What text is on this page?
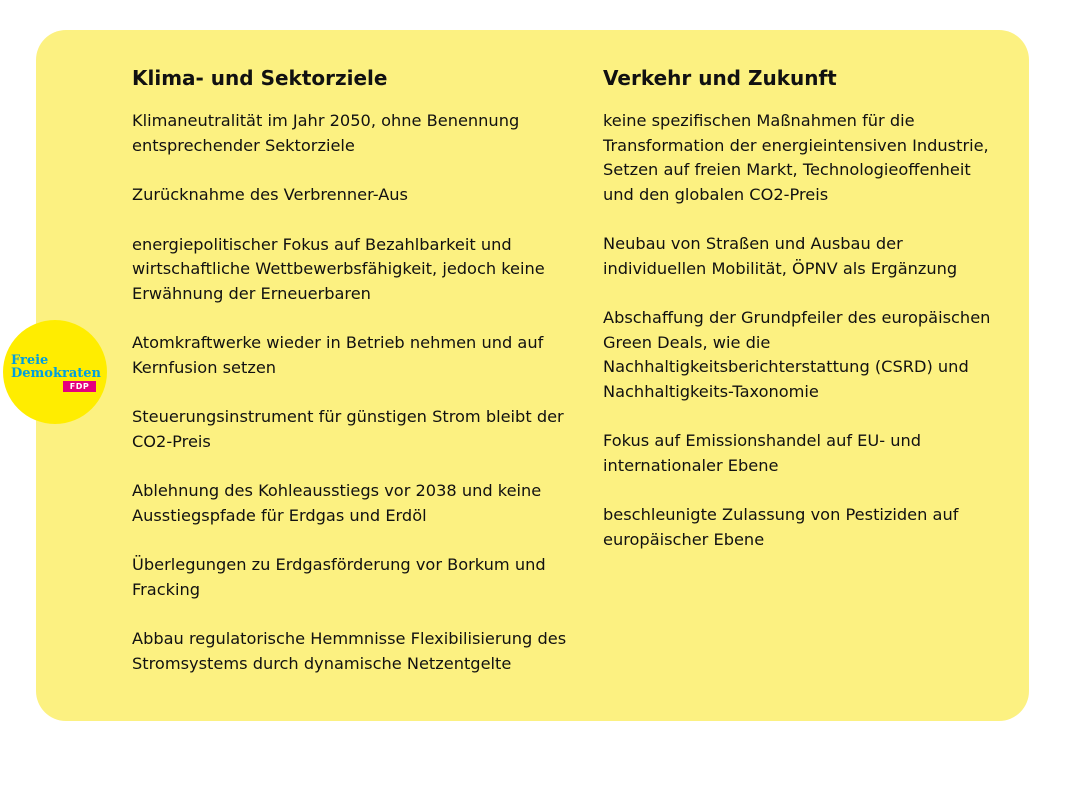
Klima- und Sektorziele

Klimaneutralität im Jahr 2050, ohne Benennung entsprechender Sektorziele

Zurücknahme des Verbrenner-Aus

energiepolitischer Fokus auf Bezahlbarkeit und wirtschaftliche Wettbewerbsfähigkeit, jedoch keine Erwähnung der Erneuerbaren

Atomkraftwerke wieder in Betrieb nehmen und auf Kernfusion setzen

Steuerungsinstrument für günstigen Strom bleibt der CO2-Preis

Ablehnung des Kohleausstiegs vor 2038 und keine Ausstiegspfade für Erdgas und Erdöl

Überlegungen zu Erdgasförderung vor Borkum und Fracking

Abbau regulatorische Hemmnisse Flexibilisierung des Stromsystems durch dynamische Netzentgelte

Verkehr und Zukunft

keine spezifischen Maßnahmen für die Transformation der energieintensiven Industrie, Setzen auf freien Markt, Technologieoffenheit und den globalen CO2-Preis

Neubau von Straßen und Ausbau der individuellen Mobilität, ÖPNV als Ergänzung

Abschaffung der Grundpfeiler des europäischen Green Deals, wie die Nachhaltigkeitsberichterstattung (CSRD) und Nachhaltigkeits-Taxonomie

Fokus auf Emissionshandel auf EU- und internationaler Ebene

beschleunigte Zulassung von Pestiziden auf europäischer Ebene

Freie
Demokraten
FDP
